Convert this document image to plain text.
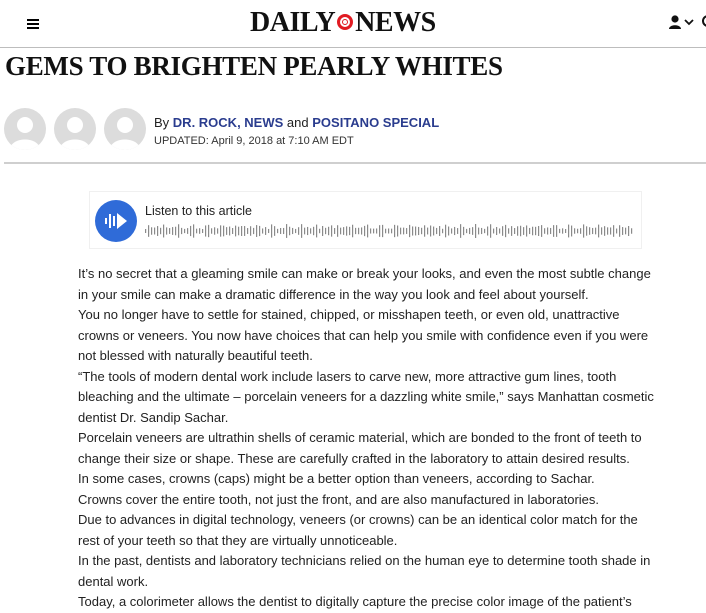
DAILY NEWS
GEMS TO BRIGHTEN PEARLY WHITES
By DR. ROCK, NEWS and POSITANO SPECIAL
UPDATED: April 9, 2018 at 7:10 AM EDT
Listen to this article

It’s no secret that a gleaming smile can make or break your looks, and even the most subtle change

in your smile can make a dramatic difference in the way you look and feel about yourself.

You no longer have to settle for stained, chipped, or misshapen teeth, or even old, unattractive

crowns or veneers. You now have choices that can help you smile with confidence even if you were

not blessed with naturally beautiful teeth.

“The tools of modern dental work include lasers to carve new, more attractive gum lines, tooth

bleaching and the ultimate – porcelain veneers for a dazzling white smile,” says Manhattan cosmetic

dentist Dr. Sandip Sachar.

Porcelain veneers are ultrathin shells of ceramic material, which are bonded to the front of teeth to

change their size or shape. These are carefully crafted in the laboratory to attain desired results.

In some cases, crowns (caps) might be a better option than veneers, according to Sachar.

Crowns cover the entire tooth, not just the front, and are also manufactured in laboratories.

Due to advances in digital technology, veneers (or crowns) can be an identical color match for the

rest of your teeth so that they are virtually unnoticeable.

In the past, dentists and laboratory technicians relied on the human eye to determine tooth shade in

dental work.

Today, a colorimeter allows the dentist to digitally capture the precise color image of the patient’s
